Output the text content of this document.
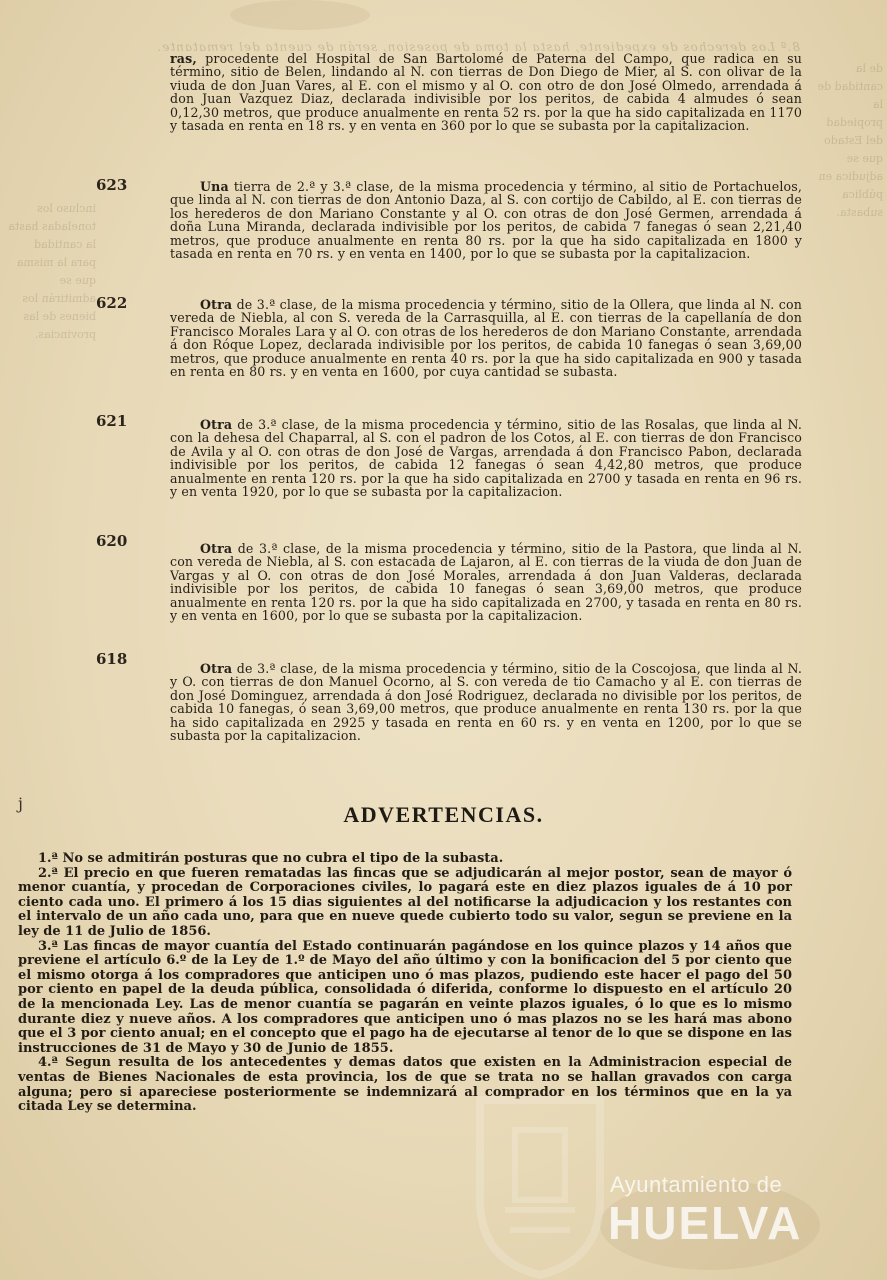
8.ª Los derechos de expediente, hasta la toma de posesion, serán de cuenta del rematante.
incluso los toneladas hasta la cantidad para la misma que se admitirán los bienes de las provincias.
de la cantidad de la propiedad del Estado que se adjudica en pública subasta.
ras, procedente del Hospital de San Bartolomé de Paterna del Campo, que radica en su término, sitio de Belen, lindando al N. con tierras de Don Diego de Mier, al S. con olivar de la viuda de don Juan Vares, al E. con el mismo y al O. con otro de don José Olmedo, arrendada á don Juan Vazquez Diaz, declarada indivisible por los peritos, de cabida 4 almudes ó sean 0,12,30 metros, que produce anualmente en renta 52 rs. por la que ha sido capitalizada en 1170 y tasada en renta en 18 rs. y en venta en 360 por lo que se subasta por la capitalizacion.
623	Una tierra de 2.ª y 3.ª clase, de la misma procedencia y término, al sitio de Portachuelos, que linda al N. con tierras de don Antonio Daza, al S. con cortijo de Cabildo, al E. con tierras de los herederos de don Mariano Constante y al O. con otras de don José Germen, arrendada á doña Luna Miranda, declarada indivisible por los peritos, de cabida 7 fanegas ó sean 2,21,40 metros, que produce anualmente en renta 80 rs. por la que ha sido capitalizada en 1800 y tasada en renta en 70 rs. y en venta en 1400, por lo que se subasta por la capitalizacion.
622	Otra de 3.ª clase, de la misma procedencia y término, sitio de la Ollera, que linda al N. con vereda de Niebla, al con S. vereda de la Carrasquilla, al E. con tierras de la capellanía de don Francisco Morales Lara y al O. con otras de los herederos de don Mariano Constante, arrendada á don Róque Lopez, declarada indivisible por los peritos, de cabida 10 fanegas ó sean 3,69,00 metros, que produce anualmente en renta 40 rs. por la que ha sido capitalizada en 900 y tasada en renta en 80 rs. y en venta en 1600, por cuya cantidad se subasta.
621	Otra de 3.ª clase, de la misma procedencia y término, sitio de las Rosalas, que linda al N. con la dehesa del Chaparral, al S. con el padron de los Cotos, al E. con tierras de don Francisco de Avila y al O. con otras de don José de Vargas, arrendada á don Francisco Pabon, declarada indivisible por los peritos, de cabida 12 fanegas ó sean 4,42,80 metros, que produce anualmente en renta 120 rs. por la que ha sido capitalizada en 2700 y tasada en renta en 96 rs. y en venta 1920, por lo que se subasta por la capitalizacion.
620	Otra de 3.ª clase, de la misma procedencia y término, sitio de la Pastora, que linda al N. con vereda de Niebla, al S. con estacada de Lajaron, al E. con tierras de la viuda de don Juan de Vargas y al O. con otras de don José Morales, arrendada á don Juan Valderas, declarada indivisible por los peritos, de cabida 10 fanegas ó sean 3,69,00 metros, que produce anualmente en renta 120 rs. por la que ha sido capitalizada en 2700, y tasada en renta en 80 rs. y en venta en 1600, por lo que se subasta por la capitalizacion.
618
Otra de 3.ª clase, de la misma procedencia y término, sitio de la Coscojosa, que linda al N. y O. con tierras de don Manuel Ocorno, al S. con vereda de tio Camacho y al E. con tierras de don José Dominguez, arrendada á don José Rodriguez, declarada no divisible por los peritos, de cabida 10 fanegas, ó sean 3,69,00 metros, que produce anualmente en renta 130 rs. por la que ha sido capitalizada en 2925 y tasada en renta en 60 rs. y en venta en 1200, por lo que se subasta por la capitalizacion.
j	ADVERTENCIAS.

1.ª No se admitirán posturas que no cubra el tipo de la subasta.

2.ª El precio en que fueren rematadas las fincas que se adjudicarán al mejor postor, sean de mayor ó menor cuantía, y procedan de Corporaciones civiles, lo pagará este en diez plazos iguales de á 10 por ciento cada uno. El primero á los 15 dias siguientes al del notificarse la adjudicacion y los restantes con el intervalo de un año cada uno, para que en nueve quede cubierto todo su valor, segun se previene en la ley de 11 de Julio de 1856.

3.ª Las fincas de mayor cuantía del Estado continuarán pagándose en los quince plazos y 14 años que previene el artículo 6.º de la Ley de 1.º de Mayo del año último y con la bonificacion del 5 por ciento que el mismo otorga á los compradores que anticipen uno ó mas plazos, pudiendo este hacer el pago del 50 por ciento en papel de la deuda pública, consolidada ó diferida, conforme lo dispuesto en el artículo 20 de la mencionada Ley. Las de menor cuantía se pagarán en veinte plazos iguales, ó lo que es lo mismo durante diez y nueve años. A los compradores que anticipen uno ó mas plazos no se les hará mas abono que el 3 por ciento anual; en el concepto que el pago ha de ejecutarse al tenor de lo que se dispone en las instrucciones de 31 de Mayo y 30 de Junio de 1855.

4.ª Segun resulta de los antecedentes y demas datos que existen en la Administracion especial de ventas de Bienes Nacionales de esta provincia, los de que se trata no se hallan gravados con carga alguna; pero si apareciese posteriormente se indemnizará al comprador en los términos que en la ya citada Ley se determina.

Ayuntamiento de
HUELVA
